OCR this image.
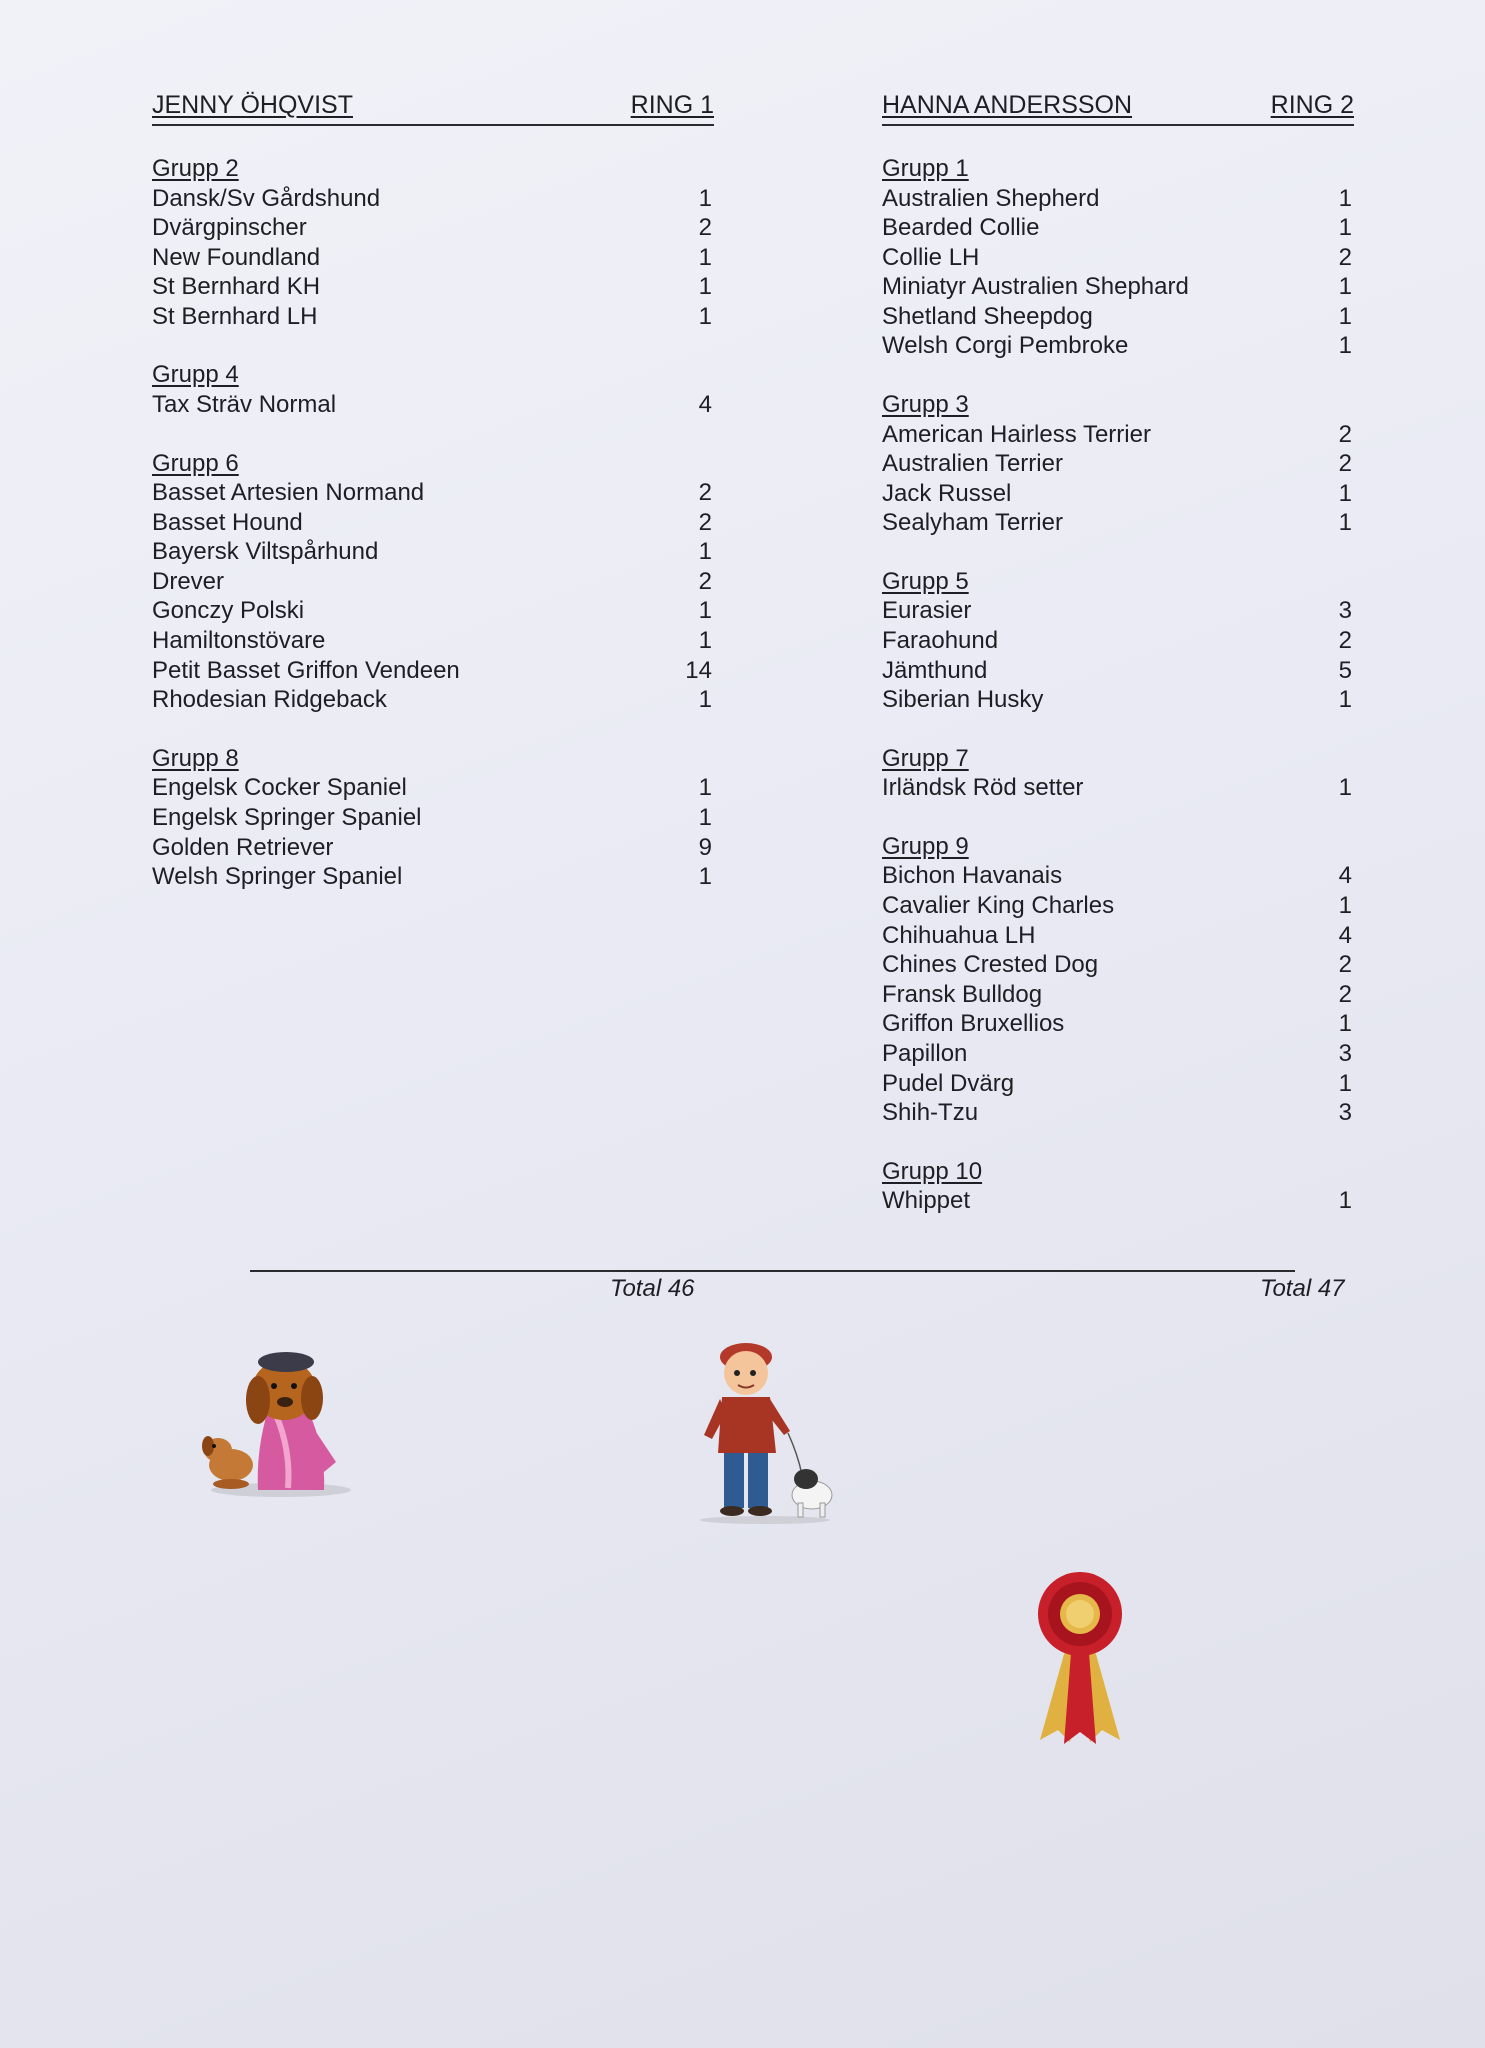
JENNY ÖHQVIST	RING 1
Grupp 2
Dansk/Sv Gårdshund	1
Dvärgpinscher	2
New Foundland	1
St Bernhard KH	1
St Bernhard LH	1
Grupp 4
Tax Sträv Normal	4
Grupp 6
Basset Artesien Normand	2
Basset Hound	2
Bayersk Viltspårhund	1
Drever	2
Gonczy Polski	1
Hamiltonstövare	1
Petit Basset Griffon Vendeen	14
Rhodesian Ridgeback	1
Grupp 8
Engelsk Cocker Spaniel	1
Engelsk Springer Spaniel	1
Golden Retriever	9
Welsh Springer Spaniel	1
HANNA ANDERSSON	RING 2
Grupp 1
Australien Shepherd	1
Bearded Collie	1
Collie LH	2
Miniatyr Australien Shephard	1
Shetland Sheepdog	1
Welsh Corgi Pembroke	1
Grupp 3
American Hairless Terrier	2
Australien Terrier	2
Jack Russel	1
Sealyham Terrier	1
Grupp 5
Eurasier	3
Faraohund	2
Jämthund	5
Siberian Husky	1
Grupp 7
Irländsk Röd setter	1
Grupp 9
Bichon Havanais	4
Cavalier King Charles	1
Chihuahua LH	4
Chines Crested Dog	2
Fransk Bulldog	2
Griffon Bruxellios	1
Papillon	3
Pudel Dvärg	1
Shih-Tzu	3
Grupp 10
Whippet	1
Total 46	Total 47
